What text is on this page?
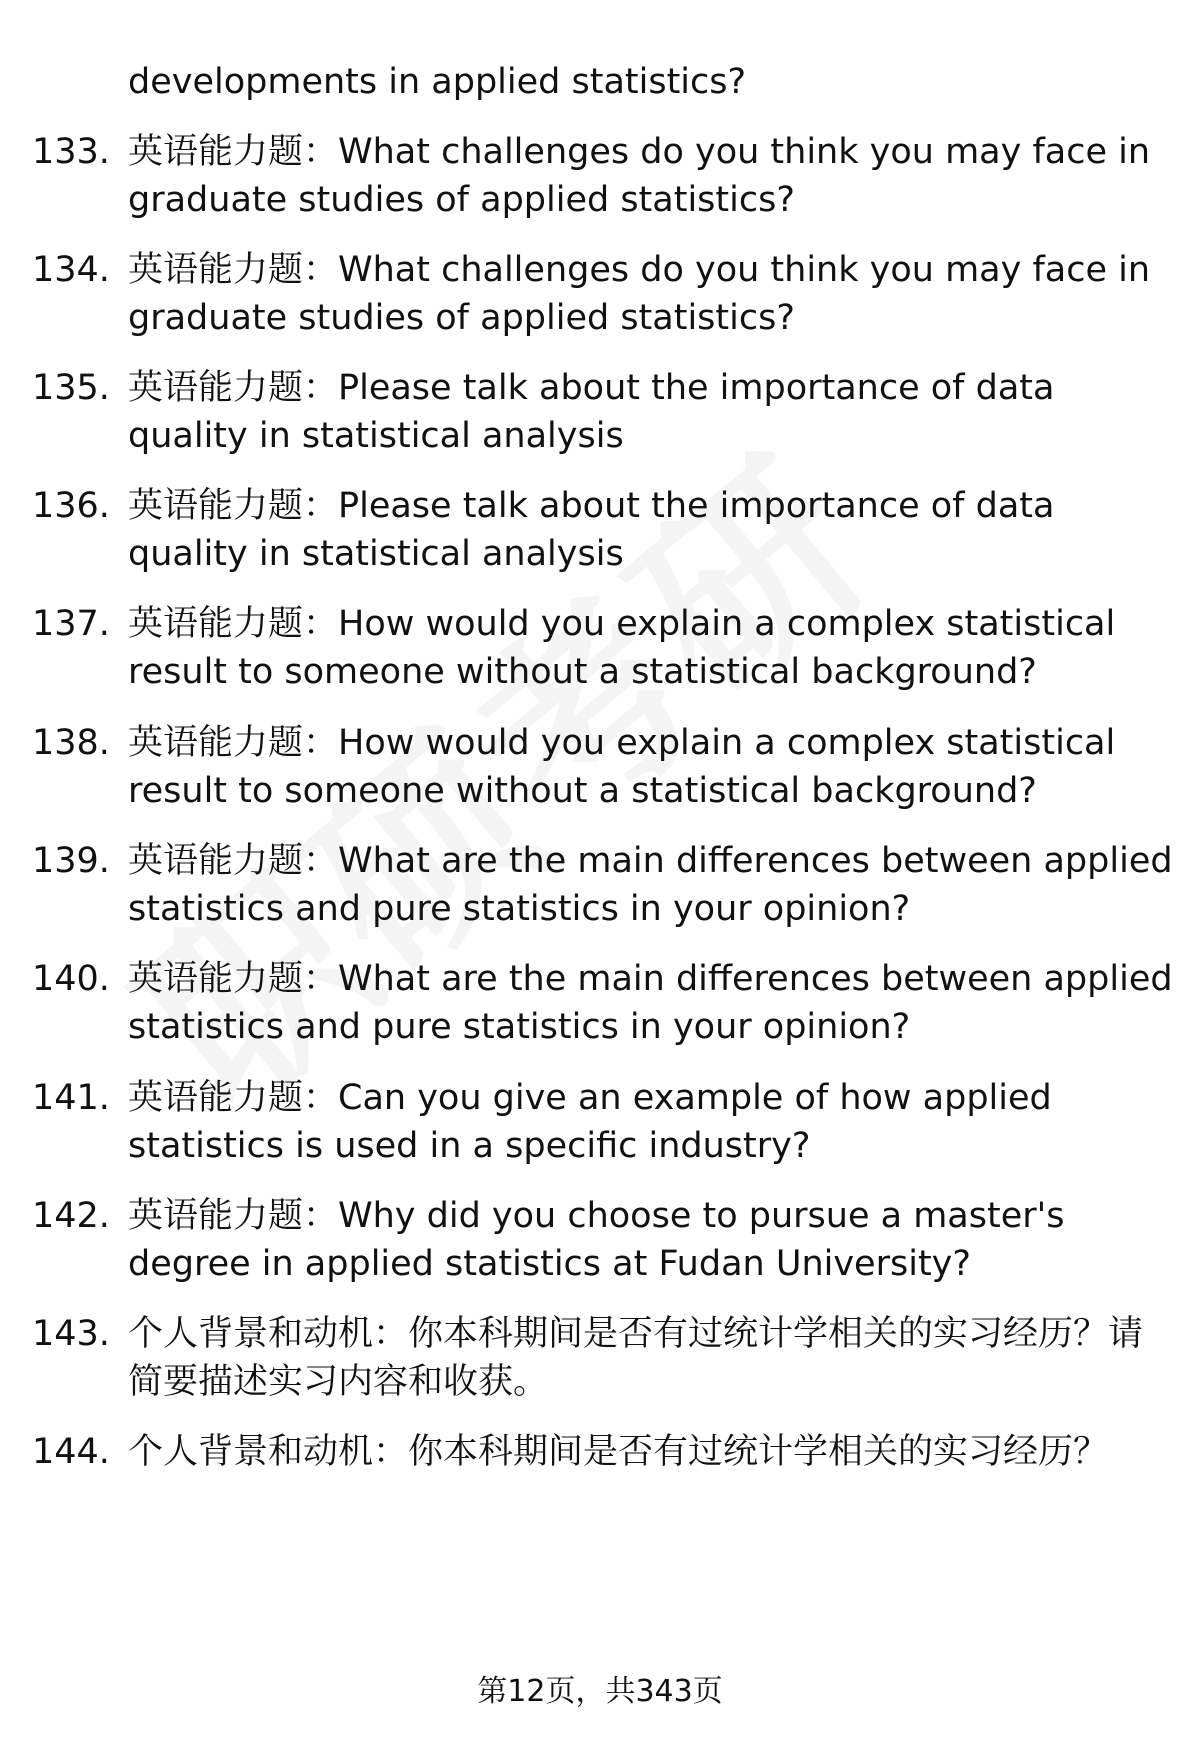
developments in applied statistics?

133. 英语能力题：What challenges do you think you may face in graduate studies of applied statistics?
134. 英语能力题：What challenges do you think you may face in graduate studies of applied statistics?
135. 英语能力题：Please talk about the importance of data quality in statistical analysis
136. 英语能力题：Please talk about the importance of data quality in statistical analysis
137. 英语能力题：How would you explain a complex statistical result to someone without a statistical background?
138. 英语能力题：How would you explain a complex statistical result to someone without a statistical background?
139. 英语能力题：What are the main differences between applied statistics and pure statistics in your opinion?
140. 英语能力题：What are the main differences between applied statistics and pure statistics in your opinion?
141. 英语能力题：Can you give an example of how applied statistics is used in a specific industry?
142. 英语能力题：Why did you choose to pursue a master's degree in applied statistics at Fudan University?
143. 个人背景和动机：你本科期间是否有过统计学相关的实习经历？请简要描述实习内容和收获。
144. 个人背景和动机：你本科期间是否有过统计学相关的实习经历？
第12页，共343页
